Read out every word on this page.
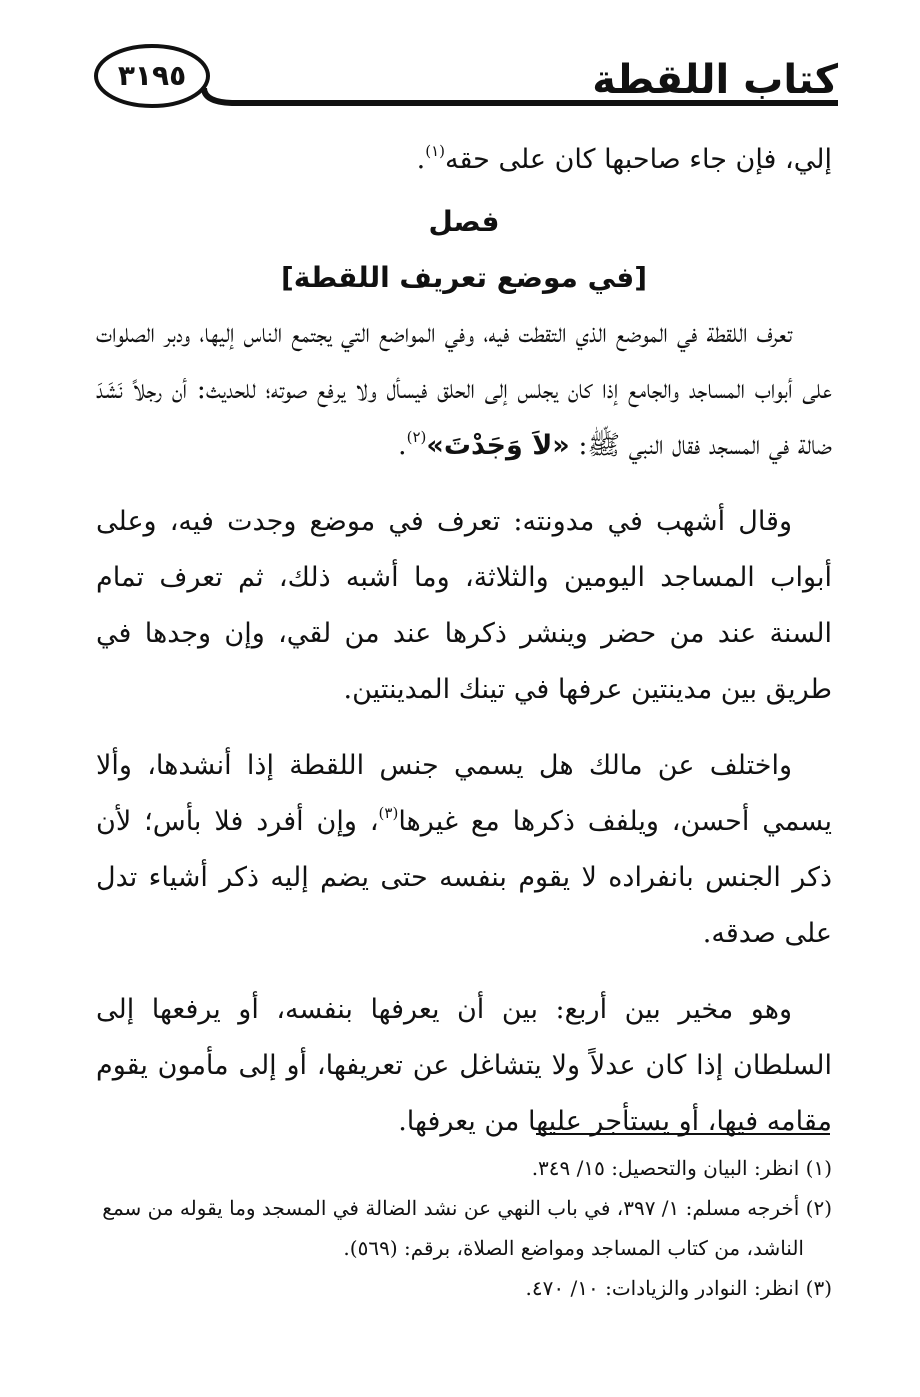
٣١٩٥	كتاب اللقطة

إلي، فإن جاء صاحبها كان على حقه$^{(١)}$.

فصل

[في موضع تعريف اللقطة]

تعرف اللقطة في الموضع الذي التقطت فيه، وفي المواضع التي يجتمع الناس إليها، ودبر الصلوات على أبواب المساجد والجامع إذا كان يجلس إلى الحلق فيسأل ولا يرفع صوته؛ للحديث: أن رجلاً نَشَدَ ضالة في المسجد فقال النبي ﷺ: «لاَ وَجَدْتَ»$^{(٢)}$.

وقال أشهب في مدونته: تعرف في موضع وجدت فيه، وعلى أبواب المساجد اليومين والثلاثة، وما أشبه ذلك، ثم تعرف تمام السنة عند من حضر وينشر ذكرها عند من لقي، وإن وجدها في طريق بين مدينتين عرفها في تينك المدينتين.

واختلف عن مالك هل يسمي جنس اللقطة إذا أنشدها، وألا يسمي أحسن، ويلفف ذكرها مع غيرها$^{(٣)}$، وإن أفرد فلا بأس؛ لأن ذكر الجنس بانفراده لا يقوم بنفسه حتى يضم إليه ذكر أشياء تدل على صدقه.

وهو مخير بين أربع: بين أن يعرفها بنفسه، أو يرفعها إلى السلطان إذا كان عدلاً ولا يتشاغل عن تعريفها، أو إلى مأمون يقوم مقامه فيها، أو يستأجر عليها من يعرفها.

(١) انظر: البيان والتحصيل: ١٥/ ٣٤٩.

(٢) أخرجه مسلم: ١/ ٣٩٧، في باب النهي عن نشد الضالة في المسجد وما يقوله من سمع

الناشد، من كتاب المساجد ومواضع الصلاة، برقم: (٥٦٩).

(٣) انظر: النوادر والزيادات: ١٠/ ٤٧٠.
